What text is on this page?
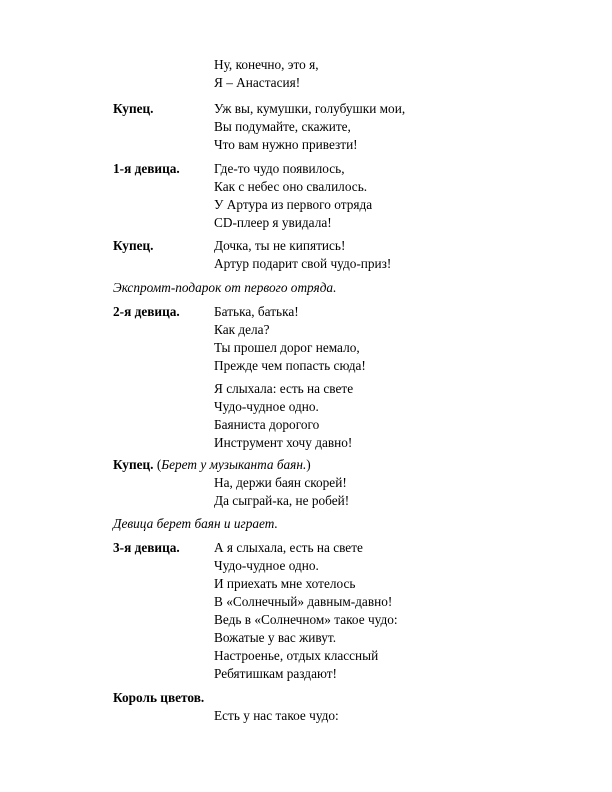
Ну, конечно, это я,
Я – Анастасия!
Купец.	Уж вы, кумушки, голубушки мои,
Вы подумайте, скажите,
Что вам нужно привезти!
1-я девица.	Где-то чудо появилось,
Как с небес оно свалилось.
У Артура из первого отряда
CD-плеер я увидала!
Купец.	Дочка, ты не кипятись!
Артур подарит свой чудо-приз!
Экспромт-подарок от первого отряда.
2-я девица.	Батька, батька!
Как дела?
Ты прошел дорог немало,
Прежде чем попасть сюда!
Я слыхала: есть на свете
Чудо-чудное одно.
Баяниста дорогого
Инструмент хочу давно!
Купец. (Берет у музыканта баян.)
На, держи баян скорей!
Да сыграй-ка, не робей!
Девица берет баян и играет.
3-я девица.	А я слыхала, есть на свете
Чудо-чудное одно.
И приехать мне хотелось
В «Солнечный» давным-давно!
Ведь в «Солнечном» такое чудо:
Вожатые у вас живут.
Настроенье, отдых классный
Ребятишкам раздают!
Король цветов.
Есть у нас такое чудо:
